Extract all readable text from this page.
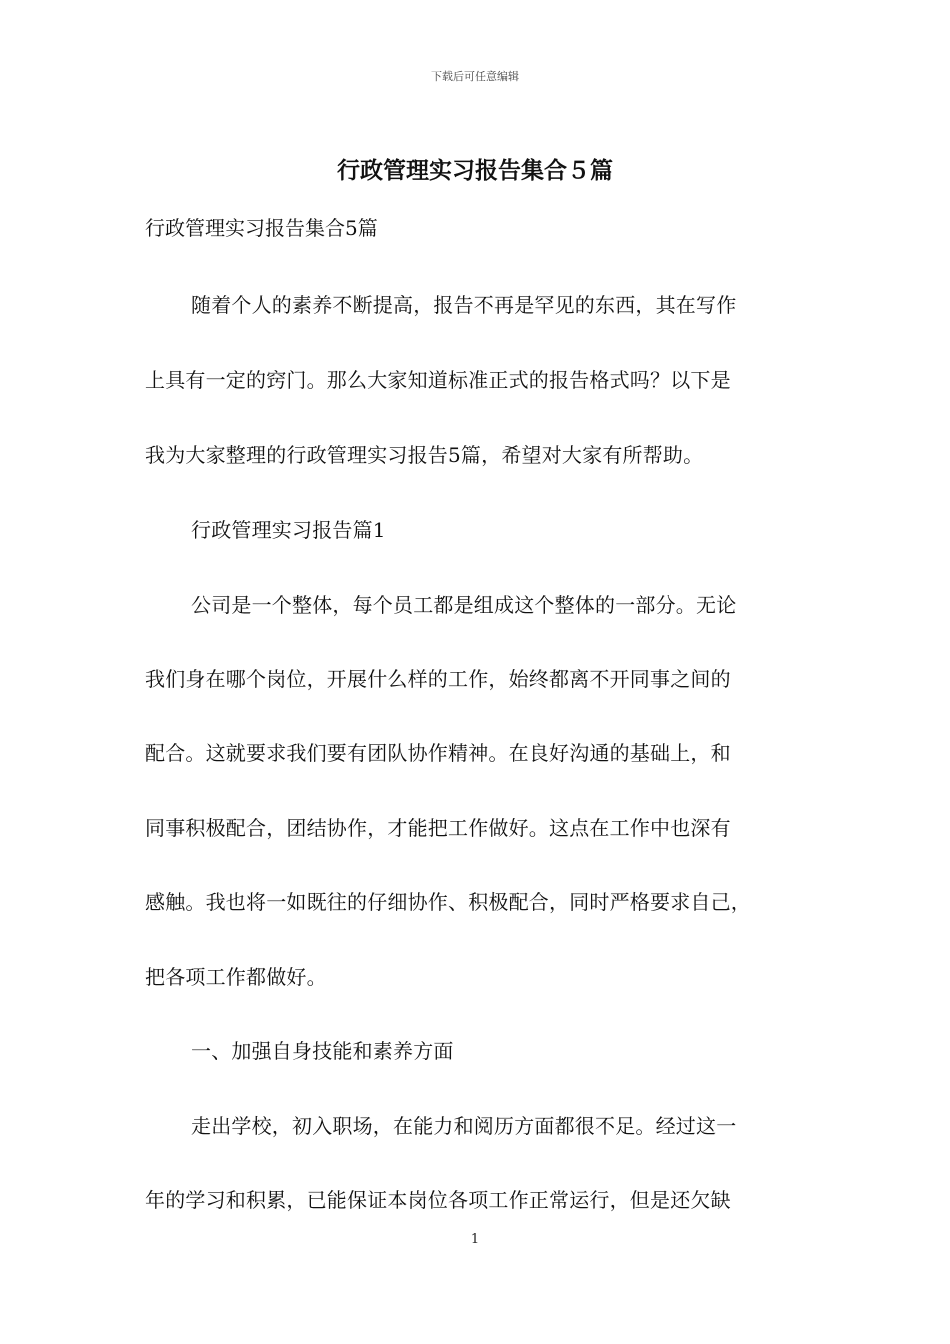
下载后可任意编辑
行政管理实习报告集合５篇
行政管理实习报告集合5篇
随着个人的素养不断提高，报告不再是罕见的东西，其在写作
上具有一定的窍门。那么大家知道标准正式的报告格式吗？以下是
我为大家整理的行政管理实习报告5篇，希望对大家有所帮助。
行政管理实习报告篇1
公司是一个整体，每个员工都是组成这个整体的一部分。无论
我们身在哪个岗位，开展什么样的工作，始终都离不开同事之间的
配合。这就要求我们要有团队协作精神。在良好沟通的基础上，和
同事积极配合，团结协作，才能把工作做好。这点在工作中也深有
感触。我也将一如既往的仔细协作、积极配合，同时严格要求自己，
把各项工作都做好。
一、加强自身技能和素养方面
走出学校，初入职场，在能力和阅历方面都很不足。经过这一
年的学习和积累，已能保证本岗位各项工作正常运行，但是还欠缺
1
